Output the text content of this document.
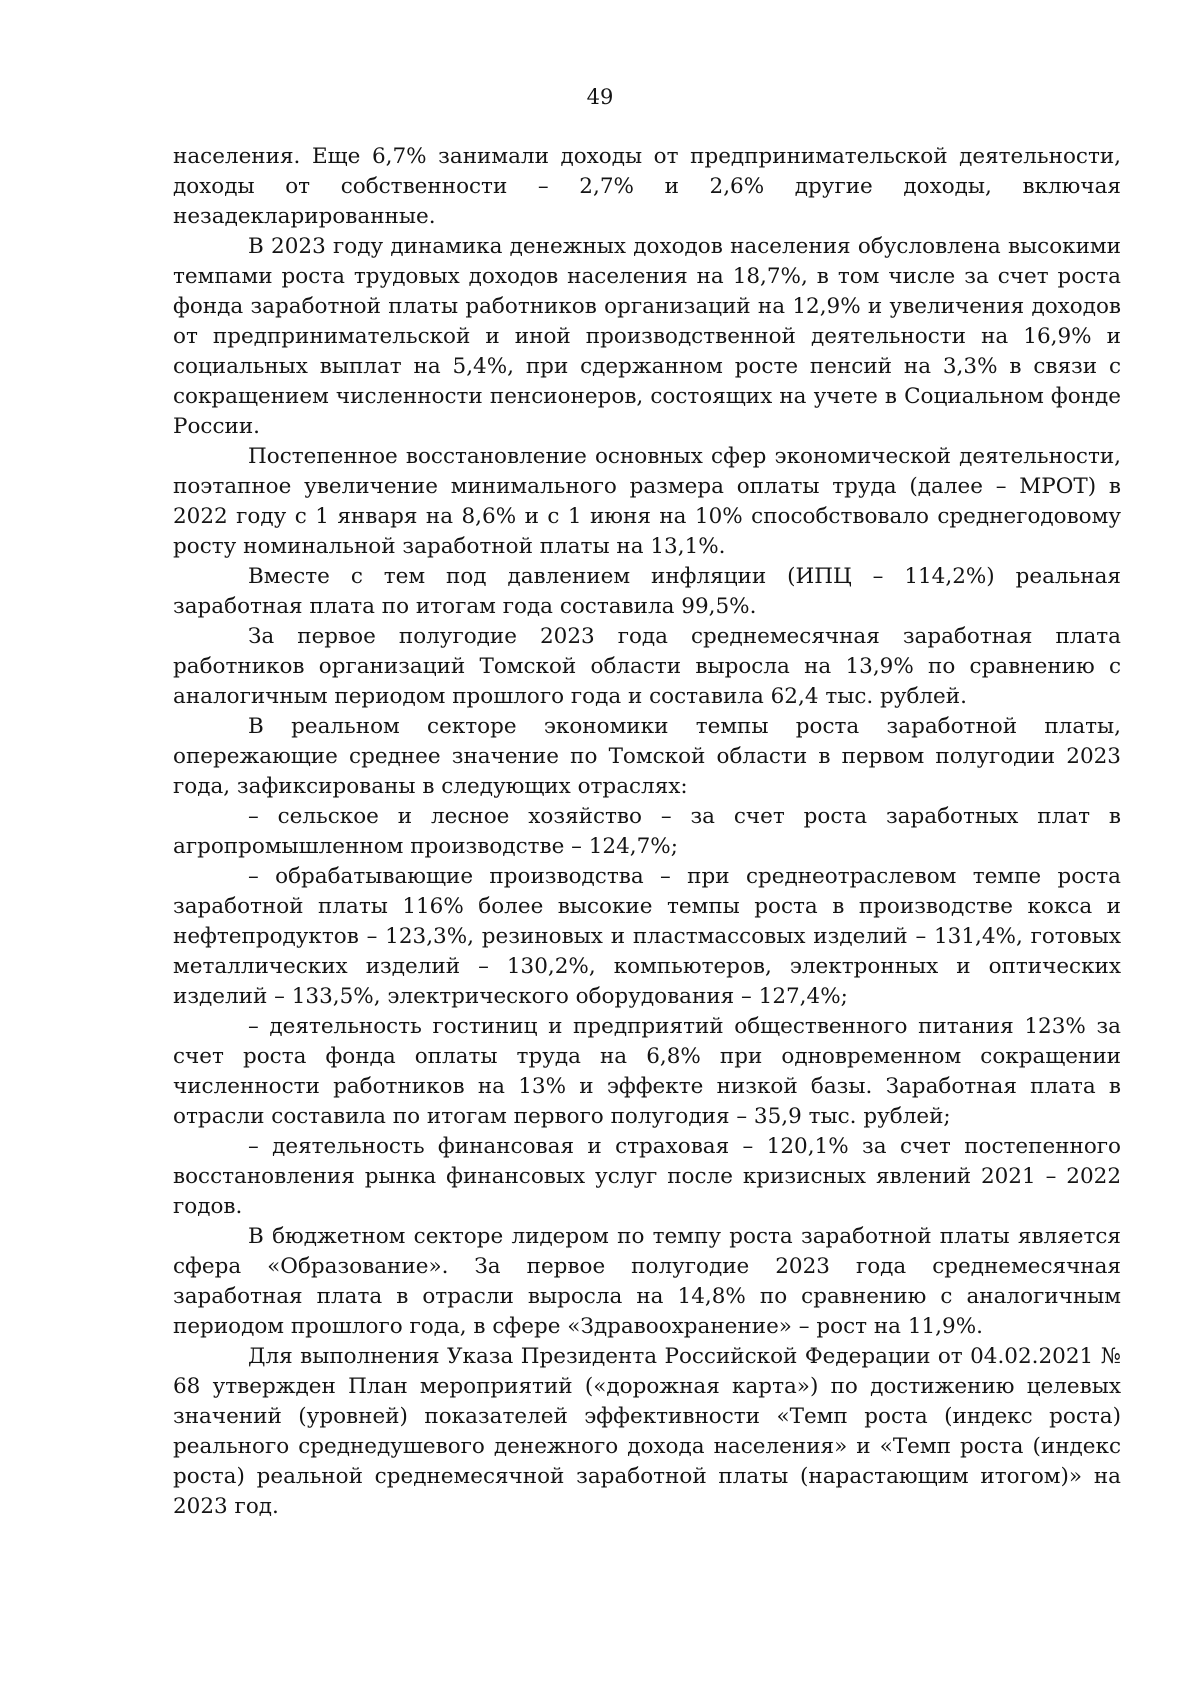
49

населения. Еще 6,7% занимали доходы от предпринимательской деятельности, доходы от собственности – 2,7% и 2,6% другие доходы, включая незадекларированные.

В 2023 году динамика денежных доходов населения обусловлена высокими темпами роста трудовых доходов населения на 18,7%, в том числе за счет роста фонда заработной платы работников организаций на 12,9% и увеличения доходов от предпринимательской и иной производственной деятельности на 16,9% и социальных выплат на 5,4%, при сдержанном росте пенсий на 3,3% в связи с сокращением численности пенсионеров, состоящих на учете в Социальном фонде России.

Постепенное восстановление основных сфер экономической деятельности, поэтапное увеличение минимального размера оплаты труда (далее – МРОТ) в 2022 году с 1 января на 8,6% и с 1 июня на 10% способствовало среднегодовому росту номинальной заработной платы на 13,1%.

Вместе с тем под давлением инфляции (ИПЦ – 114,2%) реальная заработная плата по итогам года составила 99,5%.

За первое полугодие 2023 года среднемесячная заработная плата работников организаций Томской области выросла на 13,9% по сравнению с аналогичным периодом прошлого года и составила 62,4 тыс. рублей.

В реальном секторе экономики темпы роста заработной платы, опережающие среднее значение по Томской области в первом полугодии 2023 года, зафиксированы в следующих отраслях:

– сельское и лесное хозяйство – за счет роста заработных плат в агропромышленном производстве – 124,7%;

– обрабатывающие производства – при среднеотраслевом темпе роста заработной платы 116% более высокие темпы роста в производстве кокса и нефтепродуктов – 123,3%, резиновых и пластмассовых изделий – 131,4%, готовых металлических изделий – 130,2%, компьютеров, электронных и оптических изделий – 133,5%, электрического оборудования – 127,4%;

– деятельность гостиниц и предприятий общественного питания 123% за счет роста фонда оплаты труда на 6,8% при одновременном сокращении численности работников на 13% и эффекте низкой базы. Заработная плата в отрасли составила по итогам первого полугодия – 35,9 тыс. рублей;

– деятельность финансовая и страховая – 120,1% за счет постепенного восстановления рынка финансовых услуг после кризисных явлений 2021 – 2022 годов.

В бюджетном секторе лидером по темпу роста заработной платы является сфера «Образование». За первое полугодие 2023 года среднемесячная заработная плата в отрасли выросла на 14,8% по сравнению с аналогичным периодом прошлого года, в сфере «Здравоохранение» – рост на 11,9%.

Для выполнения Указа Президента Российской Федерации от 04.02.2021 № 68 утвержден План мероприятий («дорожная карта») по достижению целевых значений (уровней) показателей эффективности «Темп роста (индекс роста) реального среднедушевого денежного дохода населения» и «Темп роста (индекс роста) реальной среднемесячной заработной платы (нарастающим итогом)» на 2023 год.
